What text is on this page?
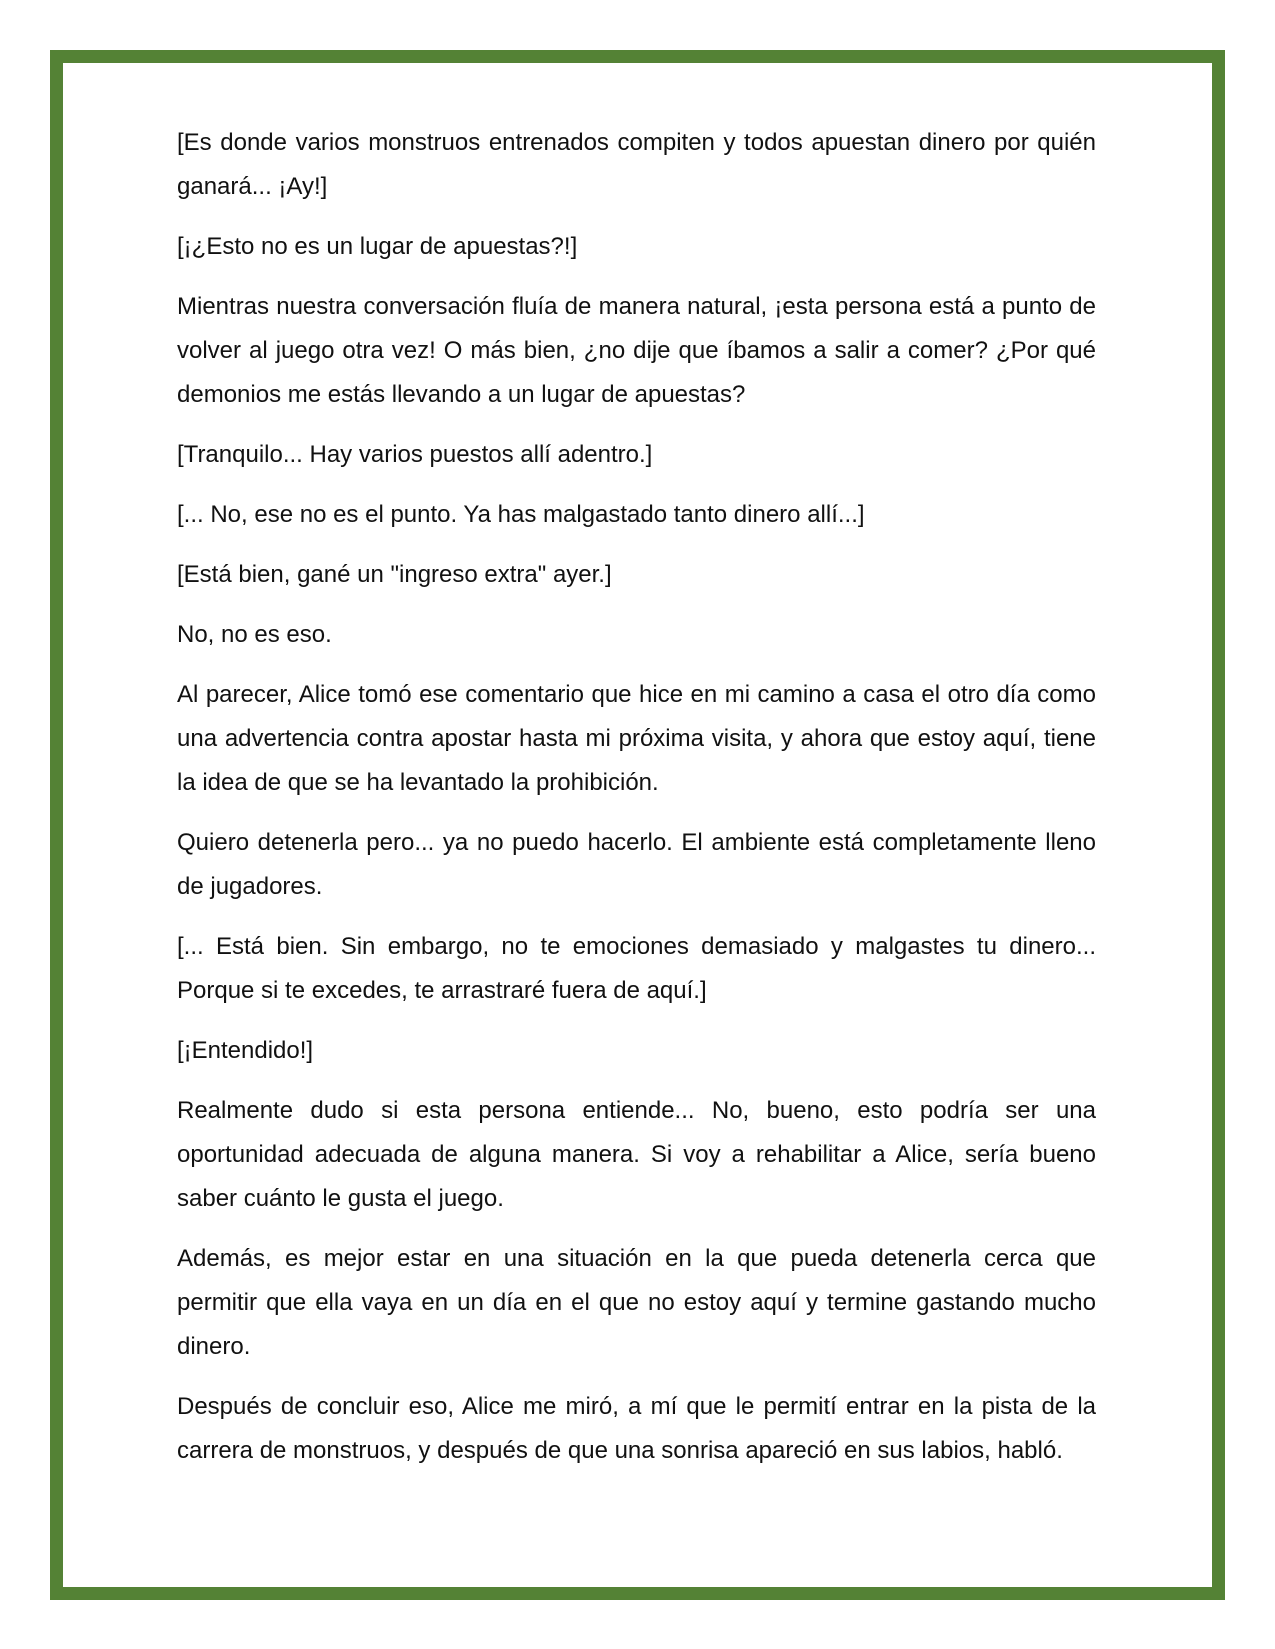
[Es donde varios monstruos entrenados compiten y todos apuestan dinero por quién ganará... ¡Ay!]

[¡¿Esto no es un lugar de apuestas?!]

Mientras nuestra conversación fluía de manera natural, ¡esta persona está a punto de volver al juego otra vez! O más bien, ¿no dije que íbamos a salir a comer? ¿Por qué demonios me estás llevando a un lugar de apuestas?

[Tranquilo... Hay varios puestos allí adentro.]

[... No, ese no es el punto. Ya has malgastado tanto dinero allí...]

[Está bien, gané un "ingreso extra" ayer.]

No, no es eso.

Al parecer, Alice tomó ese comentario que hice en mi camino a casa el otro día como una advertencia contra apostar hasta mi próxima visita, y ahora que estoy aquí, tiene la idea de que se ha levantado la prohibición.

Quiero detenerla pero... ya no puedo hacerlo. El ambiente está completamente lleno de jugadores.

[... Está bien. Sin embargo, no te emociones demasiado y malgastes tu dinero... Porque si te excedes, te arrastraré fuera de aquí.]

[¡Entendido!]

Realmente dudo si esta persona entiende... No, bueno, esto podría ser una oportunidad adecuada de alguna manera. Si voy a rehabilitar a Alice, sería bueno saber cuánto le gusta el juego.

Además, es mejor estar en una situación en la que pueda detenerla cerca que permitir que ella vaya en un día en el que no estoy aquí y termine gastando mucho dinero.

Después de concluir eso, Alice me miró, a mí que le permití entrar en la pista de la carrera de monstruos, y después de que una sonrisa apareció en sus labios, habló.
